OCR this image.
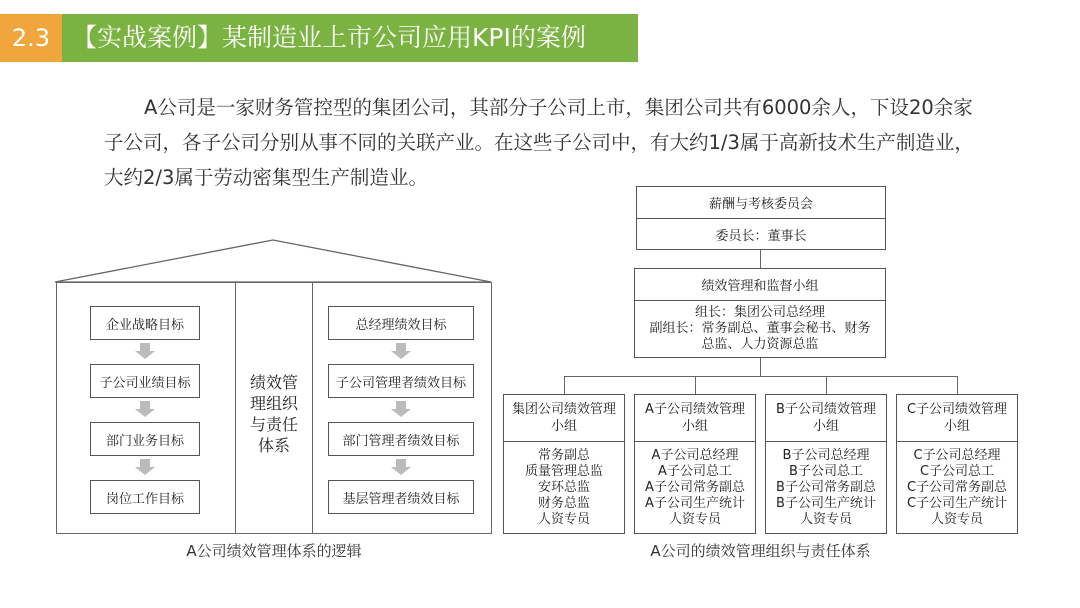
2.3 【实战案例】某制造业上市公司应用KPI的案例
A公司是一家财务管控型的集团公司，其部分子公司上市，集团公司共有6000余人，下设20余家子公司，各子公司分别从事不同的关联产业。在这些子公司中，有大约1/3属于高新技术生产制造业，大约2/3属于劳动密集型生产制造业。
企业战略目标
子公司业绩目标
部门业务目标
岗位工作目标
绩效管理组织与责任体系
总经理绩效目标
子公司管理者绩效目标
部门管理者绩效目标
基层管理者绩效目标
A公司绩效管理体系的逻辑
薪酬与考核委员会
委员长：董事长
绩效管理和监督小组
组长：集团公司总经理
副组长：常务副总、董事会秘书、财务
总监、人力资源总监
集团公司绩效管理
小组
常务副总
质量管理总监
安环总监
财务总监
人资专员
A子公司绩效管理
小组
A子公司总经理
A子公司总工
A子公司常务副总
A子公司生产统计
人资专员
B子公司绩效管理
小组
B子公司总经理
B子公司总工
B子公司常务副总
B子公司生产统计
人资专员
C子公司绩效管理
小组
C子公司总经理
C子公司总工
C子公司常务副总
C子公司生产统计
人资专员
A公司的绩效管理组织与责任体系
